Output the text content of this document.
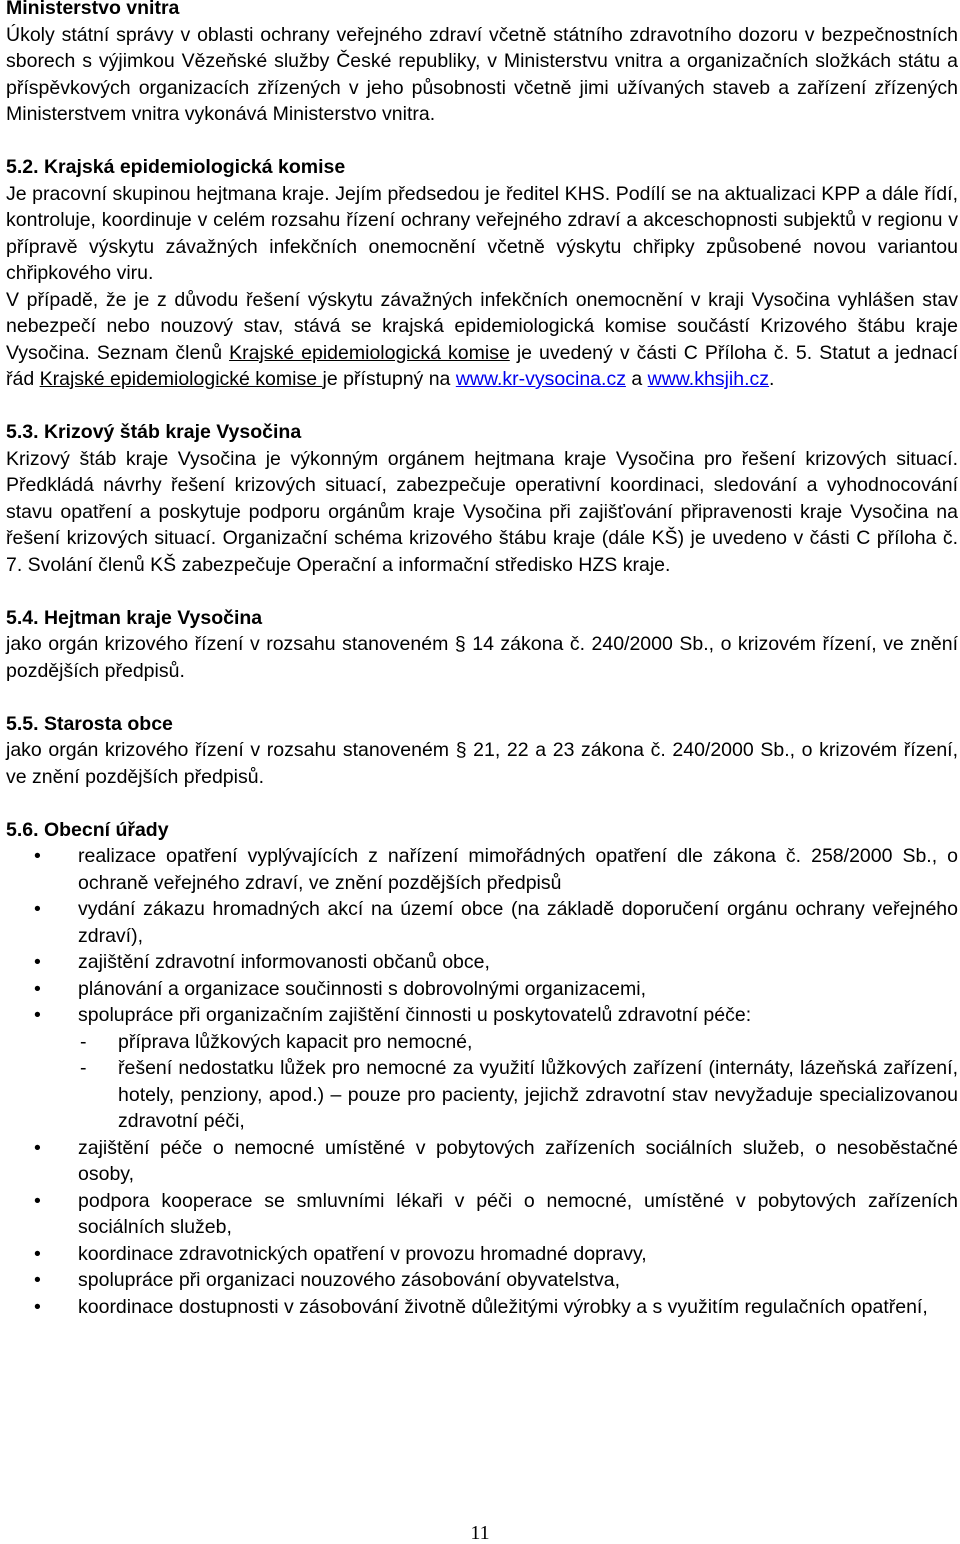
Ministerstvo vnitra

Úkoly státní správy v oblasti ochrany veřejného zdraví včetně státního zdravotního dozoru v bezpečnostních sborech s výjimkou Vězeňské služby České republiky, v Ministerstvu vnitra a organizačních složkách státu a příspěvkových organizacích zřízených v jeho působnosti včetně jimi užívaných staveb a zařízení zřízených Ministerstvem vnitra vykonává Ministerstvo vnitra.

5.2. Krajská epidemiologická komise

Je pracovní skupinou hejtmana kraje. Jejím předsedou je ředitel KHS. Podílí se na aktualizaci KPP a dále řídí, kontroluje, koordinuje v celém rozsahu řízení ochrany veřejného zdraví a akceschopnosti subjektů v regionu v přípravě výskytu závažných infekčních onemocnění včetně výskytu chřipky způsobené novou variantou chřipkového viru.

V případě, že je z důvodu řešení výskytu závažných infekčních onemocnění v kraji Vysočina vyhlášen stav nebezpečí nebo nouzový stav, stává se krajská epidemiologická komise součástí Krizového štábu kraje Vysočina. Seznam členů Krajské epidemiologická komise je uvedený v části C Příloha č. 5. Statut a jednací řád Krajské epidemiologické komise je přístupný na www.kr-vysocina.cz a www.khsjih.cz.

5.3. Krizový štáb kraje Vysočina

Krizový štáb kraje Vysočina je výkonným orgánem hejtmana kraje Vysočina pro řešení krizových situací. Předkládá návrhy řešení krizových situací, zabezpečuje operativní koordinaci, sledování a vyhodnocování stavu opatření a poskytuje podporu orgánům kraje Vysočina při zajišťování připravenosti kraje Vysočina na řešení krizových situací. Organizační schéma krizového štábu kraje (dále KŠ) je uvedeno v části C příloha č. 7. Svolání členů KŠ zabezpečuje Operační a informační středisko HZS kraje.

5.4. Hejtman kraje Vysočina

jako orgán krizového řízení v rozsahu stanoveném § 14 zákona č. 240/2000 Sb., o krizovém řízení, ve znění pozdějších předpisů.

5.5. Starosta obce

jako orgán krizového řízení v rozsahu stanoveném § 21, 22 a 23 zákona č. 240/2000 Sb., o krizovém řízení, ve znění pozdějších předpisů.

5.6. Obecní úřady
• realizace opatření vyplývajících z nařízení mimořádných opatření dle zákona č. 258/2000 Sb., o ochraně veřejného zdraví, ve znění pozdějších předpisů
• vydání zákazu hromadných akcí na území obce (na základě doporučení orgánu ochrany veřejného zdraví),
• zajištění zdravotní informovanosti občanů obce,
• plánování a organizace součinnosti s dobrovolnými organizacemi,
• spolupráce při organizačním zajištění činnosti u poskytovatelů zdravotní péče:
- příprava lůžkových kapacit pro nemocné,
- řešení nedostatku lůžek pro nemocné za využití lůžkových zařízení (internáty, lázeňská zařízení, hotely, penziony, apod.) – pouze pro pacienty, jejichž zdravotní stav nevyžaduje specializovanou zdravotní péči,
• zajištění péče o nemocné umístěné v pobytových zařízeních sociálních služeb, o nesoběstačné osoby,
• podpora kooperace se smluvními lékaři v péči o nemocné, umístěné v pobytových zařízeních sociálních služeb,
• koordinace zdravotnických opatření v provozu hromadné dopravy,
• spolupráce při organizaci nouzového zásobování obyvatelstva,
• koordinace dostupnosti v zásobování životně důležitými výrobky a s využitím regulačních opatření,
11
